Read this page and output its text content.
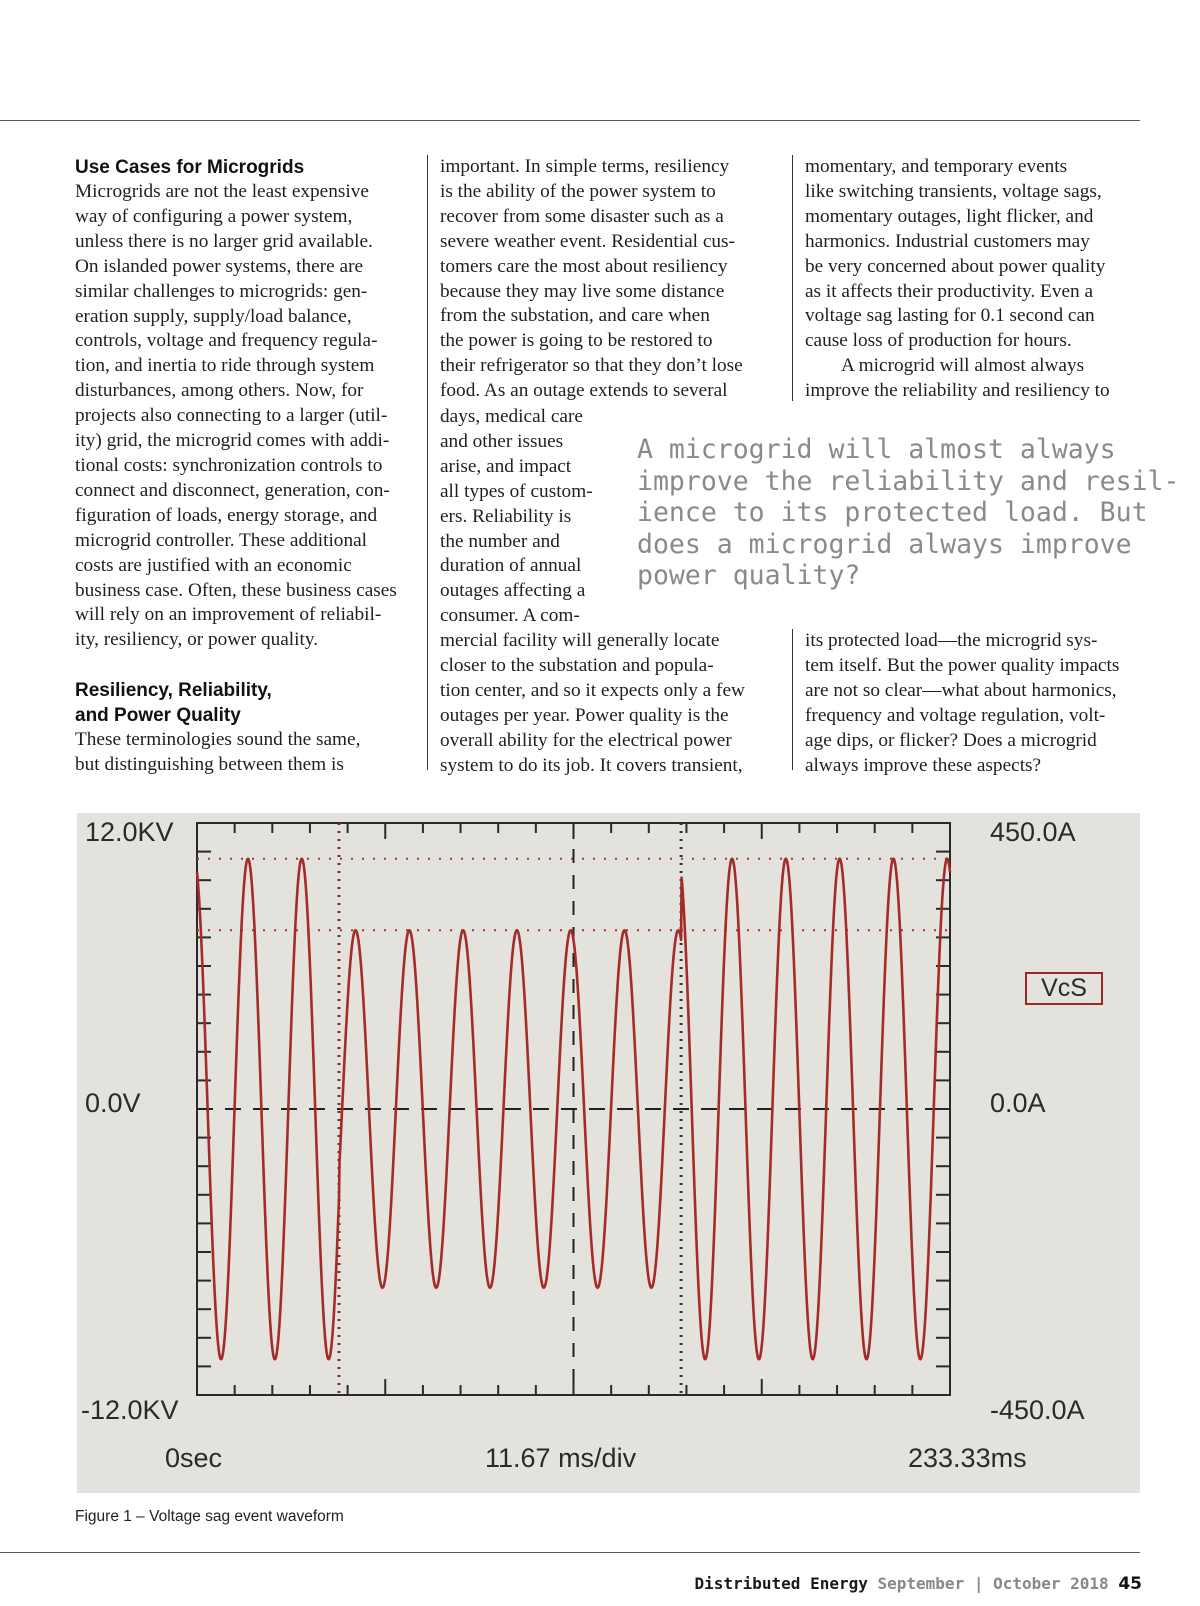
Use Cases for Microgrids

Microgrids are not the least expensive

way of configuring a power system,

unless there is no larger grid available.

On islanded power systems, there are

similar challenges to microgrids: gen-

eration supply, supply/load balance,

controls, voltage and frequency regula-

tion, and inertia to ride through system

disturbances, among others. Now, for

projects also connecting to a larger (util-

ity) grid, the microgrid comes with addi-

tional costs: synchronization controls to

connect and disconnect, generation, con-

figuration of loads, energy storage, and

microgrid controller. These additional

costs are justified with an economic

business case. Often, these business cases

will rely on an improvement of reliabil-

ity, resiliency, or power quality.

Resiliency, Reliability,
and Power Quality

These terminologies sound the same,

but distinguishing between them is

important. In simple terms, resiliency

is the ability of the power system to

recover from some disaster such as a

severe weather event. Residential cus-

tomers care the most about resiliency

because they may live some distance

from the substation, and care when

the power is going to be restored to

their refrigerator so that they don’t lose

food. As an outage extends to several

days, medical care

and other issues

arise, and impact

all types of custom-

ers. Reliability is

the number and

duration of annual

outages affecting a

consumer. A com-

mercial facility will generally locate

closer to the substation and popula-

tion center, and so it expects only a few

outages per year. Power quality is the

overall ability for the electrical power

system to do its job. It covers transient,

momentary, and temporary events

like switching transients, voltage sags,

momentary outages, light flicker, and

harmonics. Industrial customers may

be very concerned about power quality

as it affects their productivity. Even a

voltage sag lasting for 0.1 second can

cause loss of production for hours.

A microgrid will almost always

improve the reliability and resiliency to

A microgrid will almost always
improve the reliability and resil-
ience to its protected load. But
does a microgrid always improve
power quality?

its protected load—the microgrid sys-

tem itself. But the power quality impacts

are not so clear—what about harmonics,

frequency and voltage regulation, volt-

age dips, or flicker? Does a microgrid

always improve these aspects?

12.0KV
0.0V
-12.0KV
450.0A
0.0A
-450.0A
0sec	11.67 ms/div	233.33ms
VcS
Figure 1 – Voltage sag event waveform
Distributed Energy September | October 2018 45
